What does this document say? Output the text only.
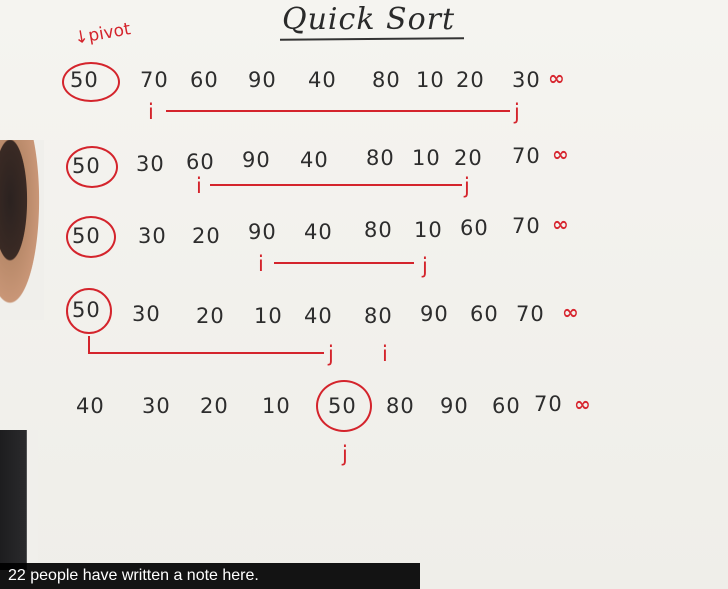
Quick Sort
↓pivot
50 70 60 90 40 80 10 20 30 ∞
i	j
50 30 60 90 40 80 10 20 70 ∞
i	j
50 30 20 90 40 80 10 60 70 ∞
i	j
50 30 20 10 40 80 90 60 70 ∞
j i
40 30 20 10 50 80 90 60 70 ∞
j
22 people have written a note here.
